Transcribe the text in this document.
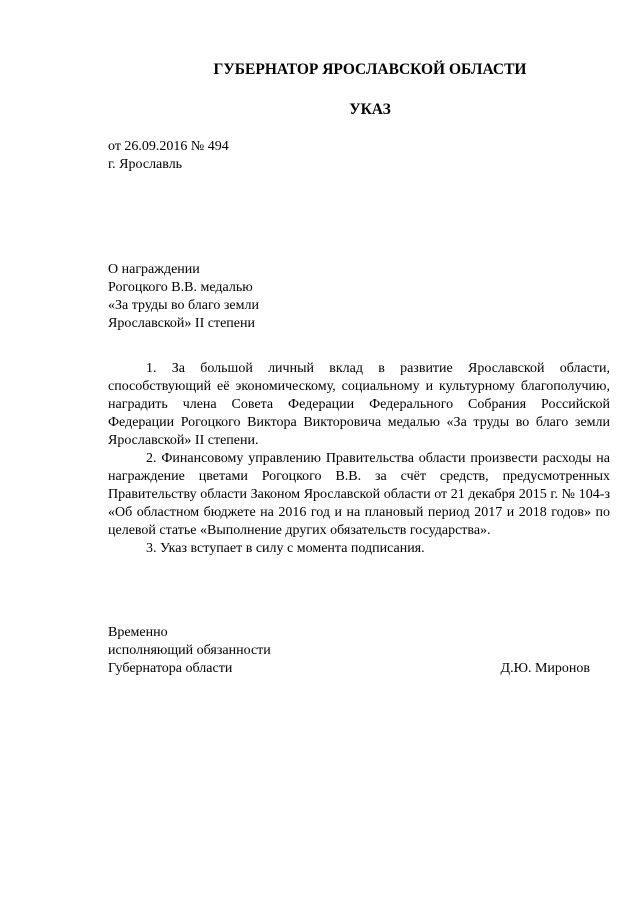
ГУБЕРНАТОР ЯРОСЛАВСКОЙ ОБЛАСТИ
УКАЗ
от 26.09.2016 № 494
г. Ярославль
О награждении
Рогоцкого В.В. медалью
«За труды во благо земли
Ярославской» II степени

1. За большой личный вклад в развитие Ярославской области, способствующий её экономическому, социальному и культурному благополучию, наградить члена Совета Федерации Федерального Собрания Российской Федерации Рогоцкого Виктора Викторовича медалью «За труды во благо земли Ярославской» II степени.

2. Финансовому управлению Правительства области произвести расходы на награждение цветами Рогоцкого В.В. за счёт средств, предусмотренных Правительству области Законом Ярославской области от 21 декабря 2015 г. № 104-з «Об областном бюджете на 2016 год и на плановый период 2017 и 2018 годов» по целевой статье «Выполнение других обязательств государства».

3. Указ вступает в силу с момента подписания.

Временно
исполняющий обязанности
Губернатора области	Д.Ю. Миронов
